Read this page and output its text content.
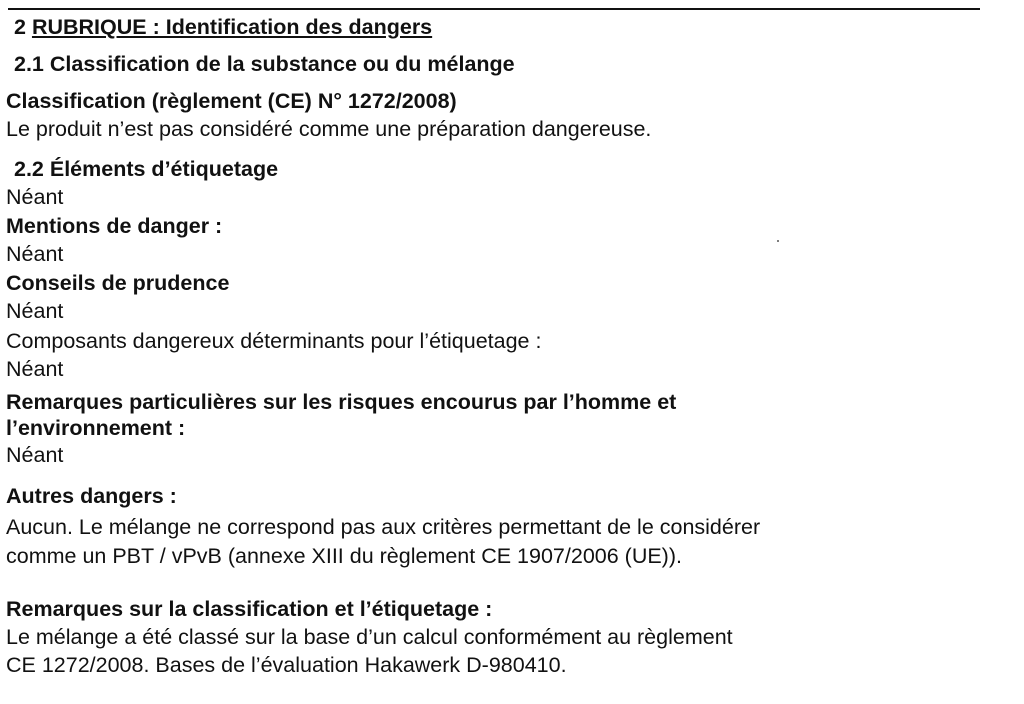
2 RUBRIQUE : Identification des dangers
2.1 Classification de la substance ou du mélange
Classification (règlement (CE) N° 1272/2008)
Le produit n’est pas considéré comme une préparation dangereuse.
2.2 Éléments d’étiquetage
Néant
Mentions de danger :
Néant
Conseils de prudence
Néant
Composants dangereux déterminants pour l’étiquetage :
Néant
Remarques particulières sur les risques encourus par l’homme et
l’environnement :
Néant
Autres dangers :
Aucun. Le mélange ne correspond pas aux critères permettant de le considérer
comme un PBT / vPvB (annexe XIII du règlement CE 1907/2006 (UE)).
Remarques sur la classification et l’étiquetage :
Le mélange a été classé sur la base d’un calcul conformément au règlement
CE 1272/2008. Bases de l’évaluation Hakawerk D-980410.
